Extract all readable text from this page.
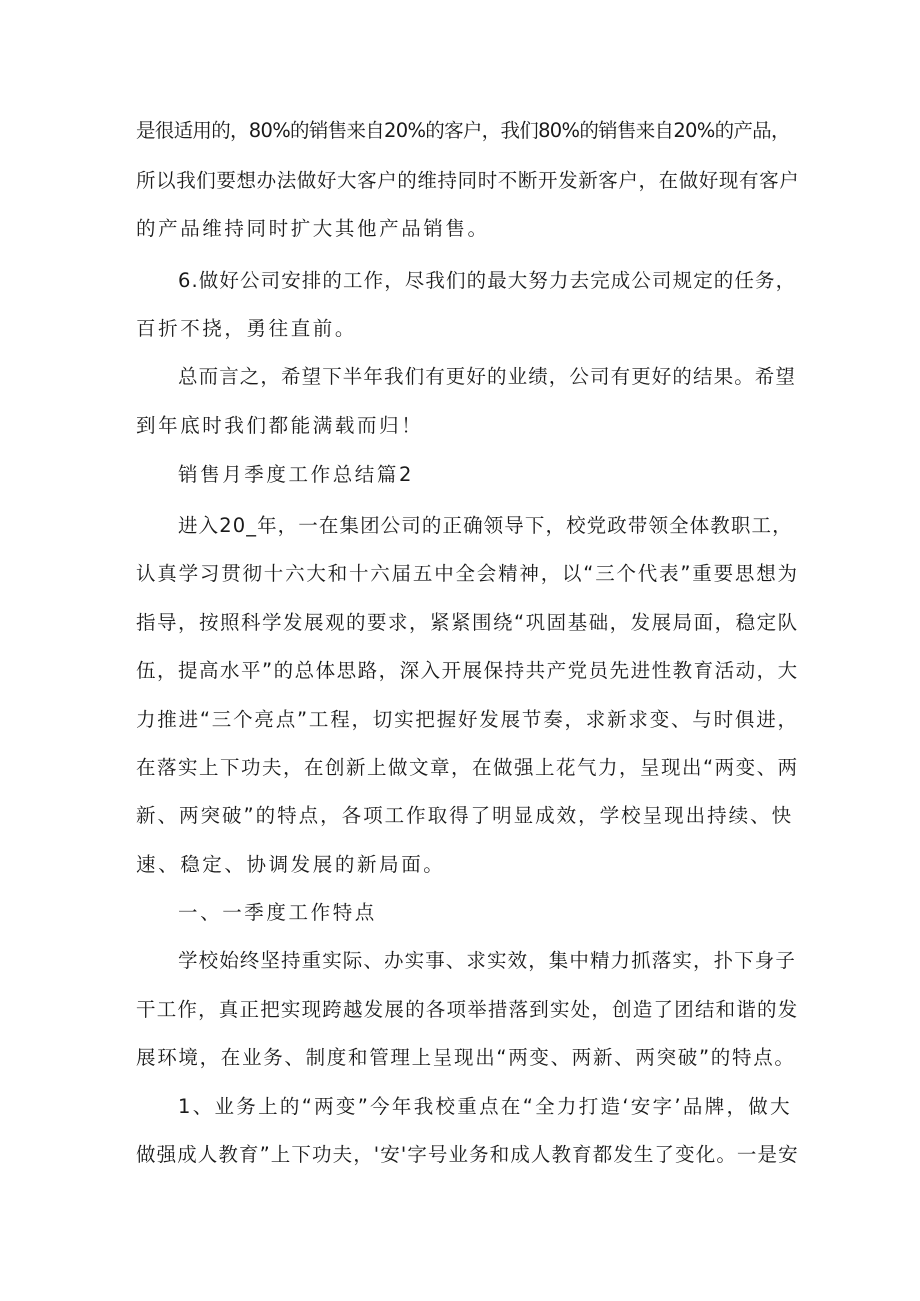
是很适用的，80%的销售来自20%的客户，我们80%的销售来自20%的产品，
所以我们要想办法做好大客户的维持同时不断开发新客户，在做好现有客户
的产品维持同时扩大其他产品销售。
6.做好公司安排的工作，尽我们的最大努力去完成公司规定的任务，
百折不挠，勇往直前。
总而言之，希望下半年我们有更好的业绩，公司有更好的结果。希望
到年底时我们都能满载而归！
销售月季度工作总结篇2
进入20_年，一在集团公司的正确领导下，校党政带领全体教职工，
认真学习贯彻十六大和十六届五中全会精神，以“三个代表”重要思想为
指导，按照科学发展观的要求，紧紧围绕“巩固基础，发展局面，稳定队
伍，提高水平”的总体思路，深入开展保持共产党员先进性教育活动，大
力推进“三个亮点”工程，切实把握好发展节奏，求新求变、与时俱进，
在落实上下功夫，在创新上做文章，在做强上花气力，呈现出“两变、两
新、两突破”的特点，各项工作取得了明显成效，学校呈现出持续、快
速、稳定、协调发展的新局面。
一、一季度工作特点
学校始终坚持重实际、办实事、求实效，集中精力抓落实，扑下身子
干工作，真正把实现跨越发展的各项举措落到实处，创造了团结和谐的发
展环境，在业务、制度和管理上呈现出“两变、两新、两突破”的特点。
1、业务上的“两变”今年我校重点在“全力打造‘安字’品牌，做大
做强成人教育”上下功夫，'安'字号业务和成人教育都发生了变化。一是安
